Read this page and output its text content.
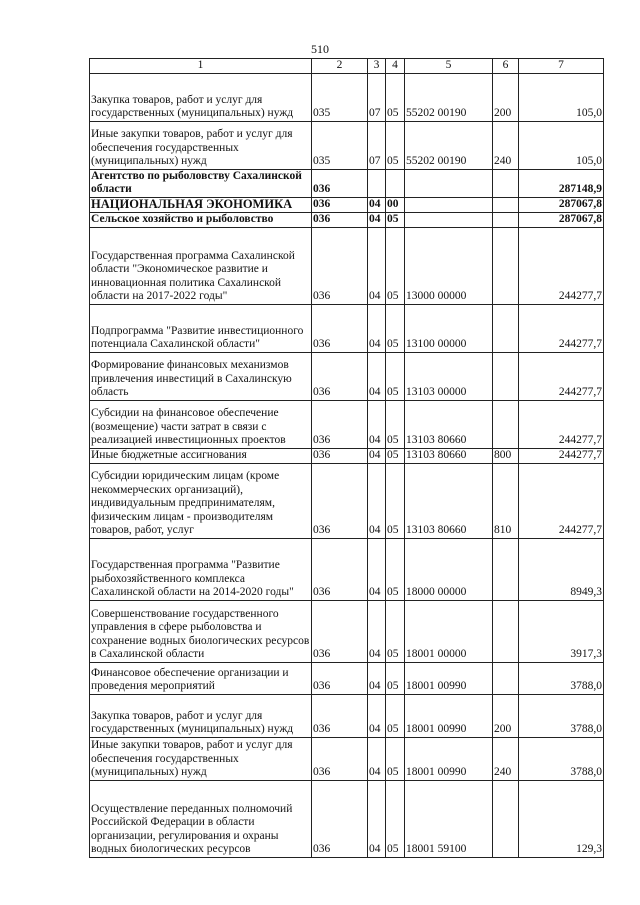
510
1	2	3	4	5	6	7
Закупка товаров, работ и услуг для государственных (муниципальных) нужд	035	07	05	55202 00190	200	105,0
Иные закупки товаров, работ и услуг для обеспечения государственных (муниципальных) нужд	035	07	05	55202 00190	240	105,0
Агентство по рыболовству Сахалинской области	036					287148,9
НАЦИОНАЛЬНАЯ ЭКОНОМИКА	036	04	00			287067,8
Сельское хозяйство и рыболовство	036	04	05			287067,8
Государственная программа Сахалинской области "Экономическое развитие и инновационная политика Сахалинской области на 2017-2022 годы"	036	04	05	13000 00000		244277,7
Подпрограмма "Развитие инвестиционного потенциала Сахалинской области"	036	04	05	13100 00000		244277,7
Формирование финансовых механизмов привлечения инвестиций в Сахалинскую область	036	04	05	13103 00000		244277,7
Субсидии на финансовое обеспечение (возмещение) части затрат в связи с реализацией инвестиционных проектов	036	04	05	13103 80660		244277,7
Иные бюджетные ассигнования	036	04	05	13103 80660	800	244277,7
Субсидии юридическим лицам (кроме некоммерческих организаций), индивидуальным предпринимателям, физическим лицам - производителям товаров, работ, услуг	036	04	05	13103 80660	810	244277,7
Государственная программа "Развитие рыбохозяйственного комплекса Сахалинской области на 2014-2020 годы"	036	04	05	18000 00000		8949,3
Совершенствование государственного управления в сфере рыболовства и сохранение водных биологических ресурсов в Сахалинской области	036	04	05	18001 00000		3917,3
Финансовое обеспечение организации и проведения мероприятий	036	04	05	18001 00990		3788,0
Закупка товаров, работ и услуг для государственных (муниципальных) нужд	036	04	05	18001 00990	200	3788,0
Иные закупки товаров, работ и услуг для обеспечения государственных (муниципальных) нужд	036	04	05	18001 00990	240	3788,0
Осуществление переданных полномочий Российской Федерации в области организации, регулирования и охраны водных биологических ресурсов	036	04	05	18001 59100		129,3
